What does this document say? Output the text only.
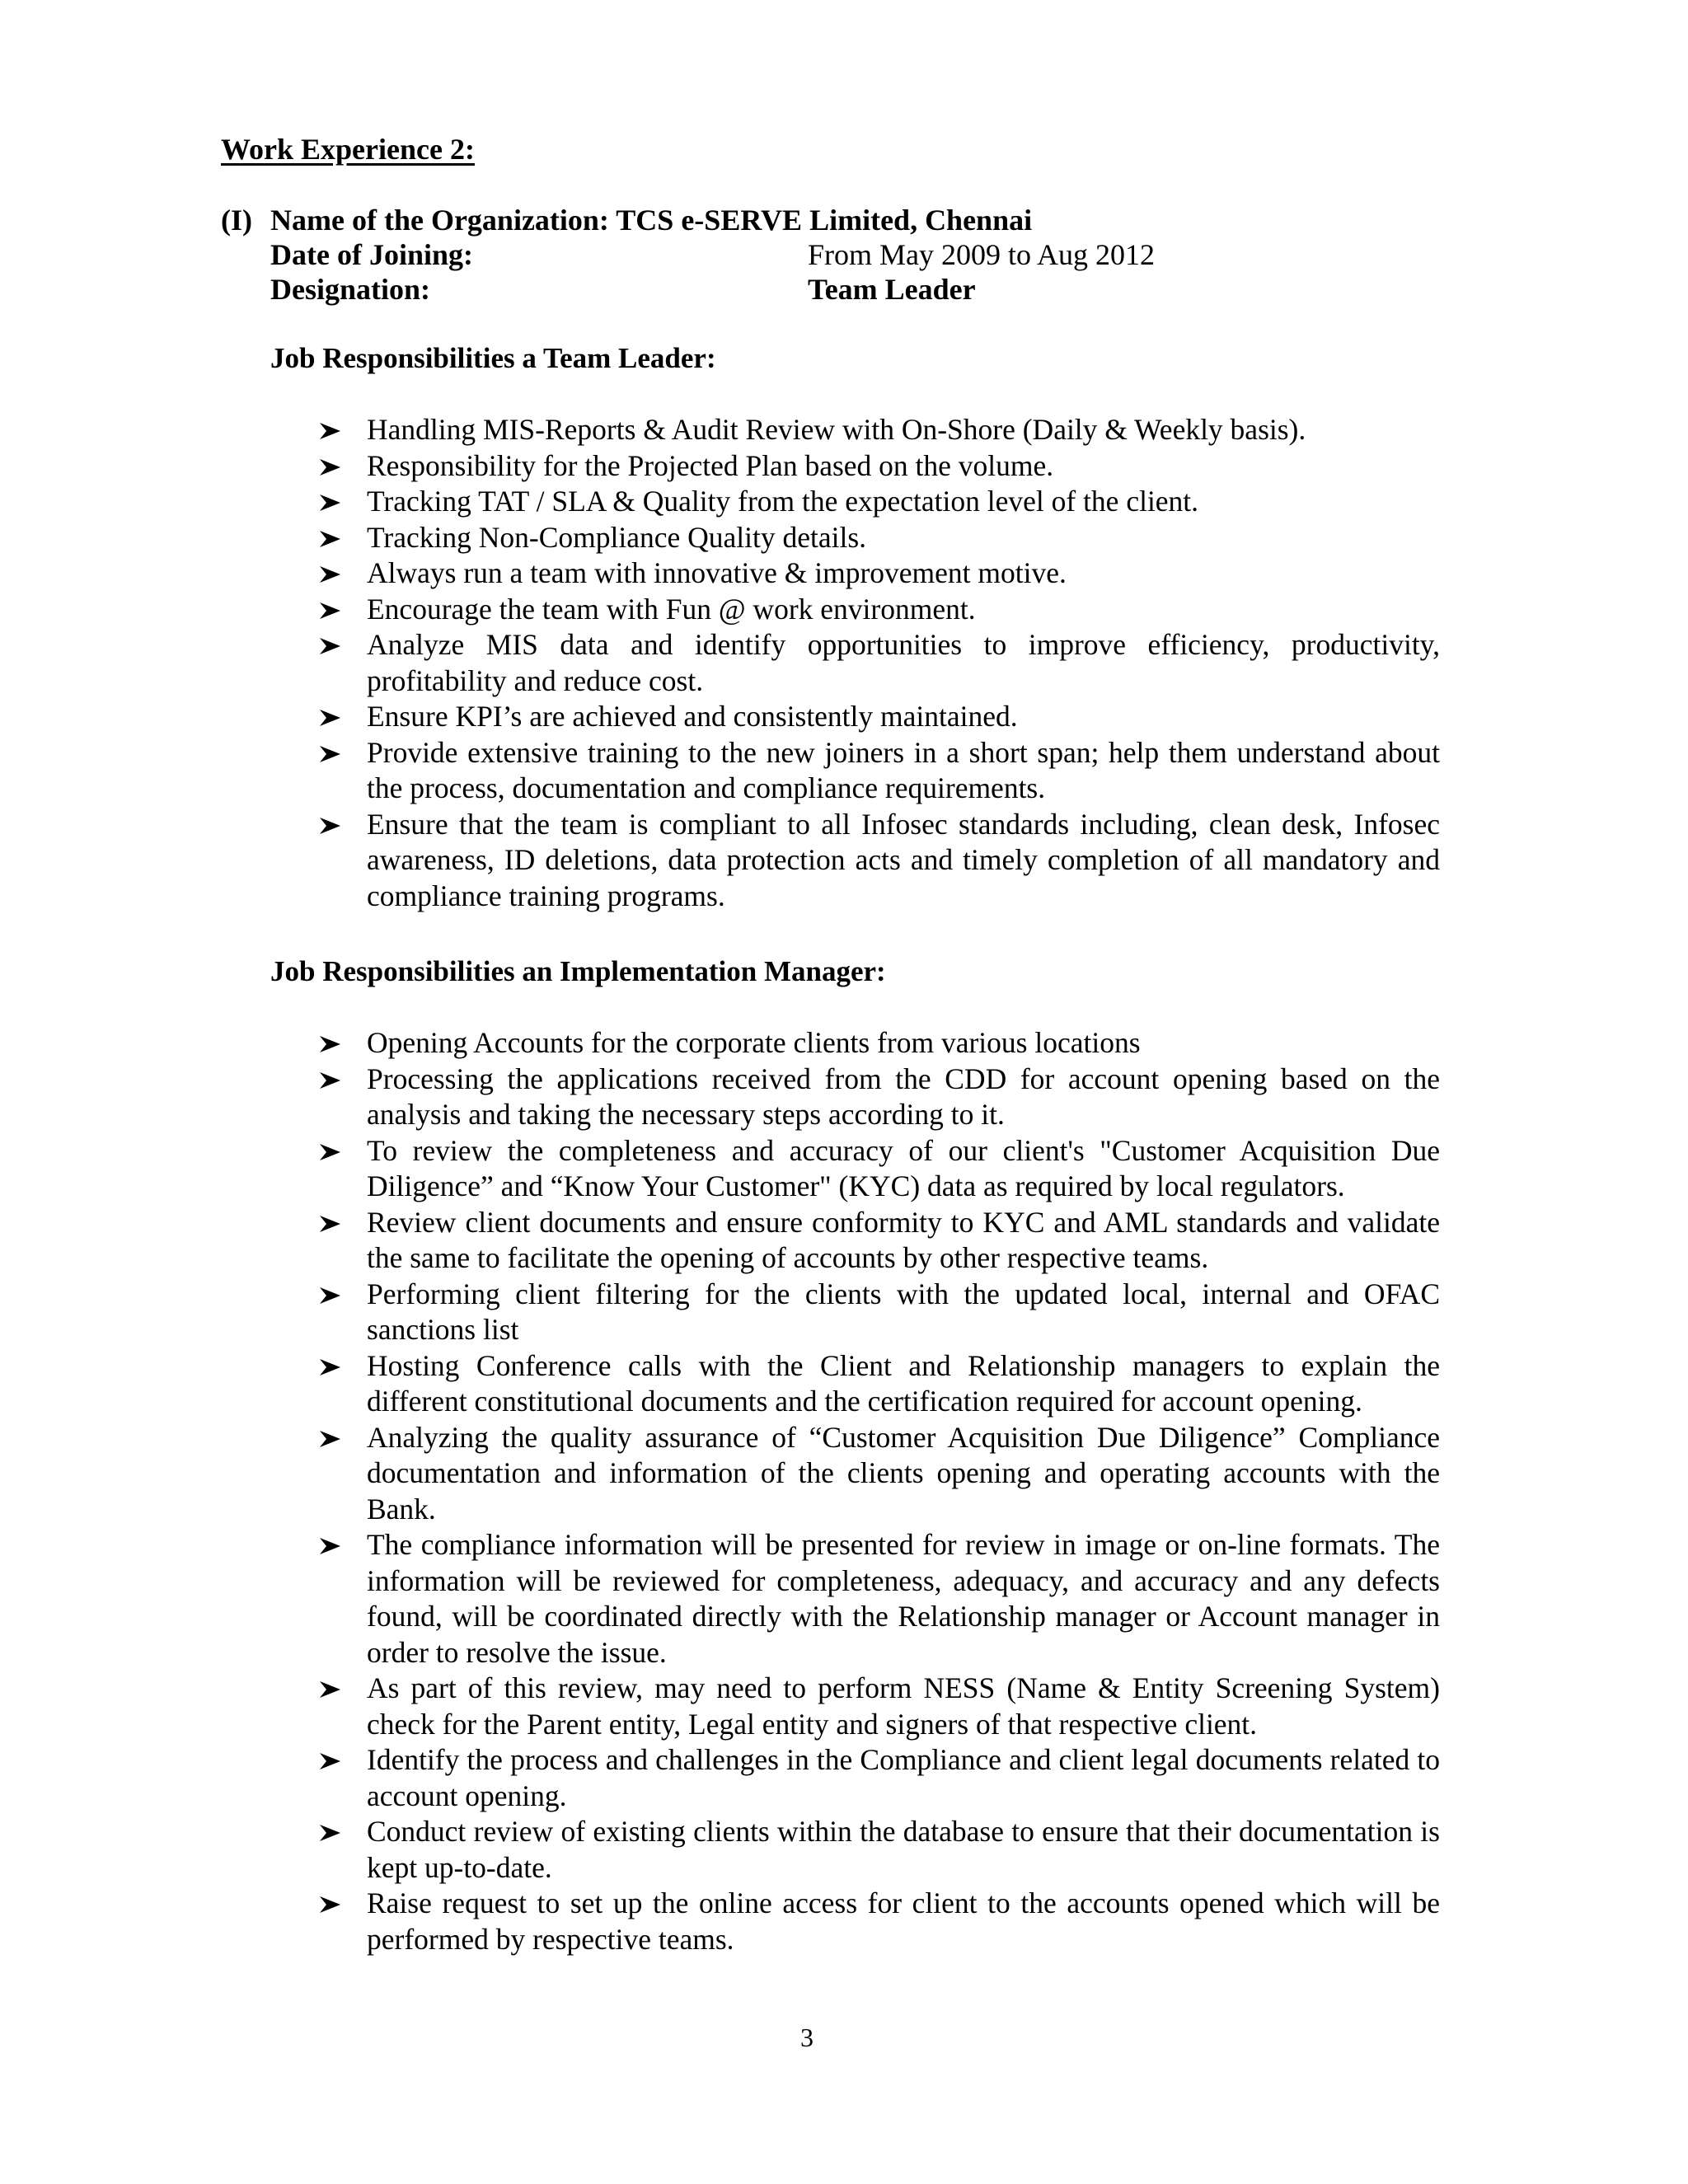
Work Experience 2:
(I) Name of the Organization: TCS e-SERVE Limited, Chennai
Date of Joining:	From May 2009 to Aug 2012
Designation:	Team Leader
Job Responsibilities a Team Leader:
Handling MIS-Reports & Audit Review with On-Shore (Daily & Weekly basis).
Responsibility for the Projected Plan based on the volume.
Tracking TAT / SLA & Quality from the expectation level of the client.
Tracking Non-Compliance Quality details.
Always run a team with innovative & improvement motive.
Encourage the team with Fun @ work environment.
Analyze MIS data and identify opportunities to improve efficiency, productivity, profitability and reduce cost.
Ensure KPI’s are achieved and consistently maintained.
Provide extensive training to the new joiners in a short span; help them understand about the process, documentation and compliance requirements.
Ensure that the team is compliant to all Infosec standards including, clean desk, Infosec awareness, ID deletions, data protection acts and timely completion of all mandatory and compliance training programs.
Job Responsibilities an Implementation Manager:
Opening Accounts for the corporate clients from various locations
Processing the applications received from the CDD for account opening based on the analysis and taking the necessary steps according to it.
To review the completeness and accuracy of our client's "Customer Acquisition Due Diligence” and “Know Your Customer" (KYC) data as required by local regulators.
Review client documents and ensure conformity to KYC and AML standards and validate the same to facilitate the opening of accounts by other respective teams.
Performing client filtering for the clients with the updated local, internal and OFAC sanctions list
Hosting Conference calls with the Client and Relationship managers to explain the different constitutional documents and the certification required for account opening.
Analyzing the quality assurance of “Customer Acquisition Due Diligence” Compliance documentation and information of the clients opening and operating accounts with the Bank.
The compliance information will be presented for review in image or on-line formats. The information will be reviewed for completeness, adequacy, and accuracy and any defects found, will be coordinated directly with the Relationship manager or Account manager in order to resolve the issue.
As part of this review, may need to perform NESS (Name & Entity Screening System) check for the Parent entity, Legal entity and signers of that respective client.
Identify the process and challenges in the Compliance and client legal documents related to account opening.
Conduct review of existing clients within the database to ensure that their documentation is kept up-to-date.
Raise request to set up the online access for client to the accounts opened which will be performed by respective teams.
3
